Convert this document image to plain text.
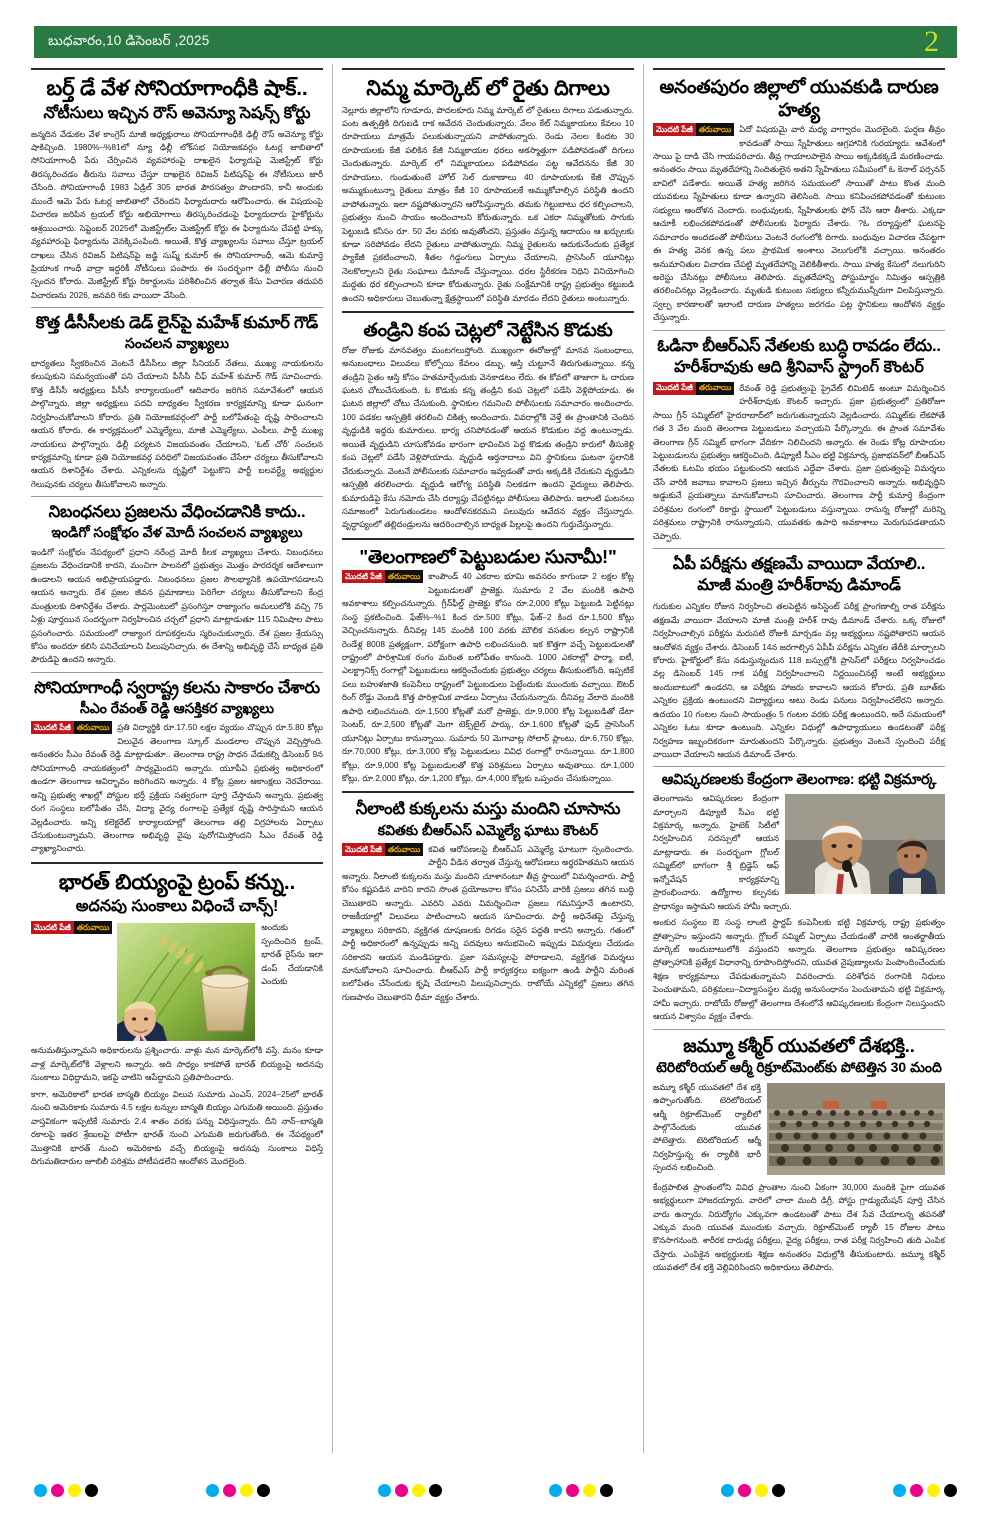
బుధవారం,10 డిసెంబర్ ,2025	2
బర్త్ డే వేళ సోనియాగాంధీకి షాక్..
నోటీసులు ఇచ్చిన రౌస్ అవెన్యూ సెషన్స్ కోర్టు
జన్మదిన వేడుకల వేళ కాంగ్రెస్ మాజీ అధ్యక్షురాలు సోనియాగాంధీకి ఢిల్లీ రౌస్ అవెన్యూ కోర్టు షాకిచ్చింది. 1980%–%81లో న్యూ ఢిల్లీ లోక్‌సభ నియోజకవర్గం ఓటర్ల జాబితాలో సోనియాగాంధీ పేరు చేర్పించిన వ్యవహారంపై దాఖలైన ఫిర్యాదుపై మెజిస్ట్రేట్ కోర్టు తిరస్కరించడం తీరును సవాలు చేస్తూ దాఖలైన రివిజన్ పిటిషన్‌పై ఈ నోటీసులు జారీ చేసింది. సోనియాగాంధీ 1983 ఏడ్రిల్ 305 భారత పౌరసత్వం పొందారని, కానీ అందుకు ముందే ఆమె పేరు ఓటర్ల జాబితాలో చేరిందని ఫిర్యాదుదారు ఆరోపించారు. ఈ విషయంపై విచారణ జరిపిన ట్రయల్ కోర్టు అభియోగాలు తిరస్కరించడంపై ఫిర్యాదుదారు హైకోర్టును ఆశ్రయించారు. సెప్టెంబర్ 2025లో మెజిస్ట్రేట్‌ల మెజిస్ట్రేట్ కోర్టు ఈ ఫిర్యాదును చేపట్టి హక్కు వ్యవహారంపై ఫిర్యాదును వెనక్కిపంపింది. అయితే, కొత్త వ్యాఖ్యలను సవాలు చేస్తూ ట్రయల్‌ దాఖలు చేసిన రివిజన్ పిటిషన్‌పై జడ్జి సుష్మ్ కుమార్ ఈ సోనియాగాంధీ, ఆమె కుమార్తె ప్రియాంక గాంధీ వాద్రా ఇద్దరికీ నోటీసులు పంపారు. ఈ సందర్భంగా ఢిల్లీ పోలీసు నుంచి స్పందన కోరారు. మెజిస్ట్రేట్ కోర్టు రికార్డులను పరిశీలించిన తర్వాత కేసు విచారణ తదుపరి విచారణను 2026, జనవరి 6కు వాయిదా వేసింది.
కొత్త డీసీసీలకు డెడ్ లైన్‌పై మహేశ్ కుమార్ గౌడ్
సంచలన వ్యాఖ్యలు
భాద్యతలు స్వీకరించిన వెంటనే డీసీసీలు జిల్లా సీనియర్ నేతలు, ముఖ్య నాయకులను కలుపుకుని సమన్వయంతో పని చేయాలని పీసీసీ చీఫ్ మహేశ్ కుమార్ గౌడ్ సూచించారు. కొత్త డీసీసీ అధ్యక్షులు పీసీసీ కార్యాలయంలో ఆదివారం జరిగిన సమావేశంలో ఆయన పాల్గొన్నారు. జిల్లా అధ్యక్షులు పదవి బాధ్యతల స్వీకరణ కార్యక్రమాన్ని కూడా ఘనంగా నిర్వహించుకోవాలని కోరారు. ప్రతి నియోజకవర్గంలో పార్టీ బలోపేతంపై దృష్టి సారించాలని ఆయన కోరారు. ఈ కార్యక్రమంలో ఎమ్మెల్యేలు, మాజీ ఎమ్మెల్యేలు, ఎంపీలు, పార్టీ ముఖ్య నాయకులు పాల్గొన్నారు. ఢిల్లీ పర్యటన విజయవంతం చేయాలని, 'ఓట్ చోరీ' సంచలన కార్యక్రమాన్ని కూడా ప్రతి నియోజకవర్గ పరిధిలో విజయవంతం చేసేలా చర్యలు తీసుకోవాలని ఆయన దిశానిర్దేశం చేశారు. ఎన్నికలను దృష్టిలో పెట్టుకొని పార్టీ బలవర్ధ్యే అభ్యర్థుల గెలుపునకు చర్యలు తీసుకోవాలని అన్నారు.
నిబంధనలు ప్రజలను వేధించడానికి కాదు..
ఇండిగో సంక్షోభం వేళ మోదీ సంచలన వ్యాఖ్యలు
ఇండిగో సంక్షోభం నేపథ్యంలో ప్రధాని నరేంద్ర మోదీ కీలక వ్యాఖ్యలు చేశారు. నిబంధనలు ప్రజలను వేధించడానికి కాదని, మంచిగా పాలనలో ప్రభుత్వం మొత్తం పారదర్శక ఆదేశాలుగా ఉండాలని ఆయన అభిప్రాయపడ్డారు. నిబంధనలు ప్రజల సౌలభ్యానికి ఉపయోగపడాలని ఆయన అన్నారు. దేశ ప్రజల జీవన ప్రమాణాలు పెరిగేలా చర్యలు తీసుకోవాలని కేంద్ర మంత్రులకు దిశానిర్దేశం చేశారు. పార్లమెంటులో ప్రసంగిస్తూ రాజ్యాంగం అమలులోకి వచ్చి 75 ఏళ్లు పూర్తయిన సందర్భంగా నిర్వహించిన చర్చలో ప్రధాని మాట్లాడుతూ 115 నిమిషాల పాటు ప్రసంగించారు. సమయంలో రాజ్యాంగ రూపకర్తలను స్మరించుకున్నారు. దేశ ప్రజల శ్రేయస్సు కోసం అందరూ కలిసి పనిచేయాలని పిలుపునిచ్చారు. ఈ దేశాన్ని అభివృద్ధి చేసే బాధ్యత ప్రతి పౌరుడిపై ఉందని అన్నారు.
సోనియాగాంధీ స్వరాష్ట్ర కలను సాకారం చేశారు
సీఎం రేవంత్ రెడ్డి ఆసక్తికర వ్యాఖ్యలు
మొదటి పేజీ తరువాయి ప్రతి విద్యార్థికి రూ.17.50 లక్షల వ్యయం చొప్పున రూ.5.80 కోట్లు విలువైన తెలంగాణ స్కూల్ మండలాల చొప్పున వెచ్చిస్తోంది. అనంతరం సీఎం రేవంత్ రెడ్డి మాట్లాడుతూ.. తెలంగాణ రాష్ట్ర సాధన వేడుకల్ని డిసెంబర్ 9న సోనియాగాంధీ నాయకత్వంలో సాధ్యమైందని అన్నారు. యూపీఏ ప్రభుత్వ అధికారంలో ఉండగా తెలంగాణ ఆవిర్భావం జరిగిందని అన్నారు. 4 కోట్ల ప్రజల ఆకాంక్షలు నెరవేరాయి. అన్ని ప్రభుత్వ శాఖల్లో పోస్టుల భర్తీ ప్రక్రియ సత్వరంగా పూర్తి చేస్తామని అన్నారు. ప్రభుత్వ రంగ సంస్థలు బలోపేతం చేసి, విద్యా వైద్య రంగాలపై ప్రత్యేక దృష్టి సారిస్తామని ఆయన వెల్లడించారు. అన్ని కలెక్టరేట్ కార్యాలయాల్లో తెలంగాణ తల్లి విగ్రహాలను ఏర్పాటు చేసుకుంటున్నామని, తెలంగాణ అభివృద్ధి వైపు పురోగమిస్తోందని సీఎం రేవంత్ రెడ్డి వ్యాఖ్యానించారు.
భారత్ బియ్యంపై ట్రంప్ కన్ను..
అదనపు సుంకాలు విధించే చాన్స్!
మొదటి పేజీ తరువాయి	అందుకు స్పందించిన ట్రంప్, భారత్ రైస్‌ను ఇలా డంప్ చేయడానికి ఎందుకు అనుమతిస్తున్నామని అధికారులను ప్రశ్నించారు. వాళ్లు మన మార్కెట్‌లోకి వస్తే, మనం కూడా వాళ్ల మార్కెట్‌లోకి వెళ్లాలని అన్నారు. అది సాధ్యం కాకపోతే భారత్ బియ్యంపై అదనపు సుంకాలు విధిద్దామని, ఇకపై వాటిని ఆపేద్దామని ప్రతిపాదించారు.
కాగా, అమెరికాలో భారత బాస్మతి బియ్యం విలువ సుమారు ఎంఎస్. 2024–25లో భారత్ నుంచి అమెరికాకు సుమారు 4.5 లక్షల టన్నుల బాస్మతి బియ్యం ఎగుమతి అయింది. ప్రస్తుతం వాస్తవికంగా ఇప్పటికే సుమారు 2.4 శాతం వరకు పన్ను విధిస్తున్నారు. దీని నాన్‌–బాస్మతి రకాలపై ఇతర శ్రేణులపై పోటీగా భారత్ నుంచి ఎగుమతి జరుగుతోంది. ఈ నేపథ్యంలో మొత్తానికి భారత్‌ నుంచి అమెరికాకు వచ్చే బియ్యంపై అదనపు సుంకాలు విధిస్తే దిగుమతిదారుల జూబిలీ పరిశ్రమ పోటీపడలేని ఆందోళన మొదలైంది.
నిమ్మ మార్కెట్ లో రైతు దిగాలు
నెల్లూరు జిల్లాలోని గూడూరు, పొదలకూరు నిమ్మ మార్కెట్ లో రైతులు దిగాలు పడుతున్నారు. పంట ఉత్పత్తికి దిగుబడి రాక ఆవేదన చెందుతున్నారు. వేలం కేట్ నిమ్మకాయలు కేవలం 10 రూపాయలు మాత్రమే పలుకుతున్నాయని వాపోతున్నారు. రెండు నెలల కిందట 30 రూపాయలకు కేజీ పలికిన కేజీ నిమ్మకాయల ధరలు అకస్మాత్తుగా పడిపోవడంతో దిగులు చెందుతున్నారు. మార్కెట్ లో నిమ్మకాయలు పడిపోవడం పట్ట ఆవేదనను కేజీ 30 రూపాయలు, గుండుతుంటే హోల్‌ సెల్ దుకాణాలు 40 రూపాయలకు కేజీ చొప్పున అమ్ముకుంటున్నా రైతులు మాత్రం కేజీ 10 రూపాయలకే అమ్ముకోవాల్సిన పరిస్థితి ఉందని వాపోతున్నారు. ఇలా నష్టపోతున్నారని ఆరోపిస్తున్నారు. తమకు గిట్టుబాటు ధర కల్పించాలని, ప్రభుత్వం నుంచి సాయం అందించాలని కోరుతున్నారు. ఒక ఎకరా నిమ్మతోటకు సాగుకు పెట్టుబడి కనీసం రూ. 50 వేల వరకు అవుతోందని, ప్రస్తుతం వస్తున్న ఆదాయం ఆ ఖర్చులకు కూడా సరిపోవడం లేదని రైతులు వాపోతున్నారు. నిమ్మ రైతులను ఆదుకునేందుకు ప్రత్యేక ప్యాకేజీ ప్రకటించాలని, శీతల గిడ్డంగులు ఏర్పాటు చేయాలని, ప్రాసెసింగ్ యూనిట్లు నెలకొల్పాలని రైతు సంఘాలు డిమాండ్ చేస్తున్నాయి. ధరల స్థిరీకరణ నిధిని వినియోగించి మద్దతు ధర కల్పించాలని కూడా కోరుతున్నారు. రైతు సంక్షేమానికి రాష్ట్ర ప్రభుత్వం కట్టుబడి ఉందని అధికారులు చెబుతున్నా క్షేత్రస్థాయిలో పరిస్థితి మారడం లేదని రైతులు అంటున్నారు.
తండ్రిని కంప చెట్లలో నెట్టేసిన కొడుకు
రోజు రోజుకు మానవత్వం మంటగలుస్తోంది. ముఖ్యంగా ఈరోజుల్లో మానవ సంబంధాలు, అనుబంధాలు విలువలు కోల్పోయి కేవలం డబ్బు, ఆస్తి చుట్టూనే తిరుగుతున్నాయి. కన్న తండ్రిని సైతం ఆస్తి కోసం హతమార్చేందుకు వెనకాడటం లేదు. ఈ కోవలో తాజాగా ఓ దారుణ ఘటన చోటుచేసుకుంది. ఓ కొడుకు కన్న తండ్రిని కంప చెట్లలో పడేసి వెళ్లిపోయాడు. ఈ ఘటన జిల్లాలో చోటు చేసుకుంది. స్థానికుల గమనించి పోలీసులకు సమాచారం అందించారు. 100 పడకల ఆస్పత్రికి తరలించి చికిత్స అందించారు. వివరాల్లోకి వెళ్తే ఈ ప్రాంతానికి చెందిన వృద్ధుడికి ఇద్దరు కుమారులు. భార్య చనిపోవడంతో ఆయన కొడుకుల వద్ద ఉంటున్నాడు. అయితే వృద్ధుడిని చూసుకోవడం భారంగా భావించిన పెద్ద కొడుకు తండ్రిని కారులో తీసుకెళ్లి కంప చెట్లలో పడేసి వెళ్లిపోయాడు. వృద్ధుడి ఆర్తనాదాలు విని స్థానికులు ఘటనా స్థలానికి చేరుకున్నారు. వెంటనే పోలీసులకు సమాచారం ఇవ్వడంతో వారు అక్కడికి చేరుకుని వృద్ధుడిని ఆస్పత్రికి తరలించారు. వృద్ధుడి ఆరోగ్య పరిస్థితి నిలకడగా ఉందని వైద్యులు తెలిపారు. కుమారుడిపై కేసు నమోదు చేసి దర్యాప్తు చేపట్టినట్లు పోలీసులు తెలిపారు. ఇలాంటి ఘటనలు సమాజంలో పెరుగుతుండటం ఆందోళనకరమని పలువురు ఆవేదన వ్యక్తం చేస్తున్నారు. వృద్ధాప్యంలో తల్లిదండ్రులను ఆదరించాల్సిన బాధ్యత పిల్లలపై ఉందని గుర్తుచేస్తున్నారు.
"తెలంగాణలో పెట్టుబడుల సునామీ!"
మొదటి పేజీ తరువాయి కాంపౌండ్ 40 ఎకరాల భూమి అవసరం కాగుండా 2 లక్షల కోట్ల పెట్టుబడులతో ప్రాజెక్టు. సుమారు 2 వేల మందికి ఉపాధి అవకాశాలు కల్పించనున్నారు. గ్రీన్‌ఫీల్డ్ ప్రాజెక్టు కోసం రూ.2,000 కోట్లు పెట్టుబడి పెట్టినట్లు సంస్థ ప్రకటించింది. ఫేజ్‌%–%1 కింద రూ.500 కోట్లు, ఫేజ్‌–2 కింద రూ.1,500 కోట్లు వెచ్చించనున్నారు. దీనివల్ల 145 మందికి 100 వరకు మౌలిక వసతుల కల్పన రాష్ట్రానికి రెండేళ్ల 8008 ప్రత్యక్షంగా, పరోక్షంగా ఉపాధి లభించనుంది. ఇక కొత్తగా వచ్చే పెట్టుబడులతో రాష్ట్రంలో పారిశ్రామిక రంగం మరింత బలోపేతం కానుంది. 1000 ఎకరాల్లో ఫార్మా, ఐటీ, ఎలక్ట్రానిక్స్ రంగాల్లో పెట్టుబడులు ఆకర్షించేందుకు ప్రభుత్వం చర్యలు తీసుకుంటోంది. ఇప్పటికే పలు బహుళజాతి కంపెనీలు రాష్ట్రంలో పెట్టుబడులు పెట్టేందుకు ముందుకు వచ్చాయి. ఔటర్ రింగ్ రోడ్డు వెంబడి కొత్త పారిశ్రామిక వాడలు ఏర్పాటు చేయనున్నారు. దీనివల్ల వేలాది మందికి ఉపాధి లభించనుంది. రూ.1,500 కోట్లతో మరో ప్రాజెక్టు, రూ.9,000 కోట్ల పెట్టుబడితో డేటా సెంటర్, రూ.2,500 కోట్లతో మెగా టెక్స్‌టైల్ పార్కు, రూ.1,600 కోట్లతో ఫుడ్ ప్రాసెసింగ్ యూనిట్లు ఏర్పాటు కానున్నాయి. సుమారు 50 మెగావాట్ల సోలార్ ప్లాంటు, రూ.6,750 కోట్లు, రూ.70,000 కోట్లు, రూ.3,000 కోట్ల పెట్టుబడులు వివిధ రంగాల్లో రానున్నాయి. రూ.1,800 కోట్లు, రూ.9,000 కోట్ల పెట్టుబడులతో కొత్త పరిశ్రమలు ఏర్పాటు అవుతాయి. రూ.1,000 కోట్లు, రూ.2,000 కోట్లు, రూ.1,200 కోట్లు, రూ.4,000 కోట్లకు ఒప్పందం చేసుకున్నాయి.
నీలాంటి కుక్కలను మస్తు మందిని చూసాను
కవితకు బీఆర్ఎస్ ఎమ్మెల్యే ఘాటు కౌంటర్
మొదటి పేజీ తరువాయి కవిత ఆరోపణలపై బీఆర్ఎస్ ఎమ్మెల్యే ఘాటుగా స్పందించారు. పార్టీని వీడిన తర్వాత చేస్తున్న ఆరోపణలు అర్థరహితమని ఆయన అన్నారు. నీలాంటి కుక్కలను మస్తు మందిని చూశానంటూ తీవ్ర స్థాయిలో విమర్శించారు. పార్టీ కోసం కష్టపడిన వారిని కాదని సొంత ప్రయోజనాల కోసం పనిచేసే వారికి ప్రజలు తగిన బుద్ధి చెబుతారని అన్నారు. ఎవరిని ఎవరు విమర్శించినా ప్రజలు గమనిస్తూనే ఉంటారని, రాజకీయాల్లో విలువలు పాటించాలని ఆయన సూచించారు. పార్టీ అధినేతపై చేస్తున్న వ్యాఖ్యలు సరికాదని, వ్యక్తిగత దూషణలకు దిగడం సరైన పద్ధతి కాదని అన్నారు. గతంలో పార్టీ అధికారంలో ఉన్నప్పుడు అన్ని పదవులు అనుభవించి ఇప్పుడు విమర్శలు చేయడం సరికాదని ఆయన మండిపడ్డారు. ప్రజా సమస్యలపై పోరాడాలని, వ్యక్తిగత విమర్శలు మానుకోవాలని సూచించారు. బీఆర్ఎస్ పార్టీ కార్యకర్తలు ఐక్యంగా ఉండి పార్టీని మరింత బలోపేతం చేసేందుకు కృషి చేయాలని పిలుపునిచ్చారు. రాబోయే ఎన్నికల్లో ప్రజలు తగిన గుణపాఠం చెబుతారని ధీమా వ్యక్తం చేశారు.
అనంతపురం జిల్లాలో యువకుడి దారుణ హత్య
మొదటి పేజీ తరువాయి ఏదో విషయమై వారి మధ్య వాగ్వాదం మొదలైంది. ఘర్షణ తీవ్రం కావడంతో సాయి స్నేహితులు ఆగ్రహానికి గురయ్యారు. ఆవేశంలో సాయి పై దాడి చేసి గాయపరిచారు. తీవ్ర గాయాలపాలైన సాయి అక్కడికక్కడే మరణించాడు. అనంతరం సాయి మృతదేహాన్ని నిందితులైన అతని స్నేహితులు సమీపంలో ఓ కెనాల్ పర్సనన్ బావిలో పడేశారు. అయితే హత్య జరిగిన సమయంలో సాయితో పాటు కొంత మంది యువకులు స్నేహితులు కూడా ఉన్నారని తెలిసింది. సాయి కనిపించకపోవడంతో కుటుంబ సభ్యులు ఆందోళన చెందారు. బంధువులకు, స్నేహితులకు ఫోన్ చేసి ఆరా తీశారు. ఎక్కడా ఆచూకీ లభించకపోవడంతో పోలీసులకు ఫిర్యాదు చేశారు. ?ఓ దర్యాప్తులో ఘటనపై సమాచారం అందడంతో పోలీసులు వెంటనే రంగంలోకి దిగారు. బంధువుల విచారణ చేపట్టగా ఈ హత్య వెనక ఉన్న పలు ప్రాథమిక అంశాలు వెలుగులోకి వచ్చాయి. అనంతరం అనుమానితుల విచారణ చేపట్టి మృతదేహాన్ని వెలికితీశారు. సాయి హత్య కేసులో నలుగురిని అరెస్టు చేసినట్లు పోలీసులు తెలిపారు. మృతదేహాన్ని పోస్టుమార్టం నిమిత్తం ఆస్పత్రికి తరలించినట్లు వెల్లడించారు. మృతుడి కుటుంబ సభ్యులు కన్నీరుమున్నీరుగా విలపిస్తున్నారు. స్వల్ప కారణాలతో ఇలాంటి దారుణ హత్యలు జరగడం పట్ల స్థానికులు ఆందోళన వ్యక్తం చేస్తున్నారు.
ఓడినా బీఆర్ఎస్ నేతలకు బుద్ధి రావడం లేదు..
హరీశ్‌రావుకు ఆది శ్రీనివాస్ స్ట్రాంగ్ కౌంటర్
మొదటి పేజీ తరువాయి రేవంత్ రెడ్డి ప్రభుత్వంపై ప్రైవేట్ లిమిటెడ్ అంటూ విమర్శించిన హరీశ్‌రావుకు కౌంటర్ ఇచ్చారు. ప్రజా ప్రభుత్వంలో ప్రతిరోజూ సాయి గ్రీన్ సమ్మిట్‌లో హైదరాబాద్‌లో జరుగుతున్నాయని వెల్లడించారు. సమ్మిట్‌కు లేకపోతే గత 3 వేల మంది తెలంగాణ పెట్టుబడులు వచ్చాయని పేర్కొన్నారు. ఈ ప్రాంత సమావేశం తెలంగాణ గ్రీన్ సమ్మిట్ భాగంగా వేదికగా నిలిచిందని అన్నారు. ఈ రెండు కోట్ల రూపాయల పెట్టుబడులను ప్రభుత్వం ఆకర్షించింది. డిప్యూటీ సీఎం భట్టి విక్రమార్క ప్రజాభవన్‌లో బీఆర్ఎస్ నేతలకు ఓటమి భయం పట్టుకుందని ఆయన ఎద్దేవా చేశారు. ప్రజా ప్రభుత్వంపై విమర్శలు చేసే వారికి జవాబు కావాలని ప్రజలు ఇచ్చిన తీర్పును గౌరవించాలని అన్నారు. అభివృద్ధిని అడ్డుకునే ప్రయత్నాలు మానుకోవాలని సూచించారు. తెలంగాణ పార్టీ కుమార్తె కేంద్రంగా పరిశ్రమల రంగంలో రికార్డు స్థాయిలో పెట్టుబడులు వస్తున్నాయి. రానున్న రోజుల్లో మరిన్ని పరిశ్రమలు రాష్ట్రానికి రానున్నాయని, యువతకు ఉపాధి అవకాశాలు మెరుగుపడతాయని చెప్పారు.
ఏపీ పరీక్షను తక్షణమే వాయిదా వేయాలి..
మాజీ మంత్రి హరీశ్‌రావు డిమాండ్
గురుకుల ఎన్నికల రోజున నిర్వహించి తలపెట్టిన అసిస్టెంట్ పరీక్ష ప్రాంగణాల్ని రాత పరీక్షను తక్షణమే వాయిదా వేయాలని మాజీ మంత్రి హరీశ్ రావు డిమాండ్ చేశారు. ఒక్క రోజులో నిర్వహించాల్సిన పరీక్షను మరుసటి రోజుకి మార్చడం వల్ల అభ్యర్థులు నష్టపోతారని ఆయన ఆందోళన వ్యక్తం చేశారు. డిసెంబర్ 14న జరగాల్సిన ఏపీపీ పరీక్షను ఎన్నికల తేదీకి మార్చాలని కోరారు. హైకోర్టులో కేసు నడుస్తున్నందున 118 బస్సుల్లోకి ప్రాసెస్‌లో పరీక్షలు నిర్వహించడం వల్ల డిసెంబర్ 145 గాక పరీక్ష నిర్వహించాలని నిర్ణయించినట్లే అంటే అభ్యర్థులు అందుబాటులో ఉండరని, ఆ పరీక్షకు హాజరు కావాలని ఆయన కోరారు. ప్రతి బూత్‌కు ఎన్నికల ప్రక్రియ ఉంటుందని విద్యార్థులు అటు రెండు పనులు నిర్వహించలేరని అన్నారు. ఉదయం 10 గంటల నుంచి సాయంత్రం 5 గంటల వరకు పరీక్ష ఉంటుందని, అదే సమయంలో ఎన్నికల ఓటు కూడా ఉంటుంది. ఎన్నికల విధుల్లో ఉపాధ్యాయులు ఉండటంతో పరీక్ష నిర్వహణ ఇబ్బందికరంగా మారుతుందని పేర్కొన్నారు. ప్రభుత్వం వెంటనే స్పందించి పరీక్ష వాయిదా వేయాలని ఆయన డిమాండ్ చేశారు.
ఆవిష్కరణలకు కేంద్రంగా తెలంగాణ: భట్టి విక్రమార్క
తెలంగాణను ఆవిష్కరణల కేంద్రంగా మార్చాలని డిప్యూటీ సీఎం భట్టి విక్రమార్క అన్నారు. హైటెక్ సిటీలో నిర్వహించిన సదస్సులో ఆయన మాట్లాడారు. ఈ సందర్భంగా గ్లోబల్ సమ్మిట్‌లో భాగంగా శ్రీ బ్రిడ్జెస్ ఆఫ్ ఇన్నోవేషన్ కార్యక్రమాన్ని ప్రారంభించారు. ఉద్యోగాల కల్పనకు ప్రాధాన్యం ఇస్తామని ఆయన హామీ ఇచ్చారు.
అంకుర సంస్థలు ఔ సంస్థ లాంటి స్టార్టప్ కంపెనీలకు భట్టి విక్రమార్క రాష్ట్ర ప్రభుత్వం ప్రోత్సాహం ఇస్తుందని అన్నారు. గ్లోబల్ సమ్మిట్ ఏర్పాటు చేయడంతో వారికి అంతర్జాతీయ మార్కెట్ అందుబాటులోకి వస్తుందని అన్నారు. తెలంగాణ ప్రభుత్వం ఆవిష్కరణల ప్రోత్సాహానికి ప్రత్యేక విధానాన్ని రూపొందిస్తోందని, యువత నైపుణ్యాలను పెంపొందించేందుకు శిక్షణ కార్యక్రమాలు చేపడుతున్నామని వివరించారు. పరిశోధన రంగానికి నిధులు పెంచుతామని, పరిశ్రమలు–విద్యాసంస్థల మధ్య అనుసంధానం పెంచుతామని భట్టి విక్రమార్క హామీ ఇచ్చారు. రాబోయే రోజుల్లో తెలంగాణ దేశంలోనే ఆవిష్కరణలకు కేంద్రంగా నిలుస్తుందని ఆయన విశ్వాసం వ్యక్తం చేశారు.
జమ్మూ కశ్మీర్ యువతలో దేశభక్తి..
టెరిటోరియల్ ఆర్మీ రిక్రూట్‌మెంట్‌కు పోటెత్తిన 30 మంది
జమ్మూ కశ్మీర్ యువతలో దేశ భక్తి ఉప్పొంగుతోంది. టెరిటోరియల్ ఆర్మీ రిక్రూట్‌మెంట్ ర్యాలీలో పాల్గొనేందుకు యువత పోటెత్తారు. టెరిటోరియల్ ఆర్మీ నిర్వహిస్తున్న ఈ ర్యాలీకి భారీ స్పందన లభించింది.
కేంద్రపాలిత ప్రాంతంలోని వివిధ ప్రాంతాల నుంచి ఏకంగా 30,000 మందికి పైగా యువత అభ్యర్థులుగా హాజరయ్యారు. వారిలో చాలా మంది డిగ్రీ, పోస్టు గ్రాడ్యుయేషన్ పూర్తి చేసిన వారు ఉన్నారు. నిరుద్యోగం ఎక్కువగా ఉండటంతో పాటు దేశ సేవ చేయాలన్న తపనతో ఎక్కువ మంది యువత ముందుకు వచ్చారు. రిక్రూట్‌మెంట్ ర్యాలీ 15 రోజుల పాటు కొనసాగనుంది. శారీరక దారుఢ్య పరీక్షలు, వైద్య పరీక్షలు, రాత పరీక్ష నిర్వహించి తుది ఎంపిక చేస్తారు. ఎంపికైన అభ్యర్థులకు శిక్షణ అనంతరం విధుల్లోకి తీసుకుంటారు. జమ్మూ కశ్మీర్ యువతలో దేశ భక్తి వెల్లివిరిసిందని అధికారులు తెలిపారు.
